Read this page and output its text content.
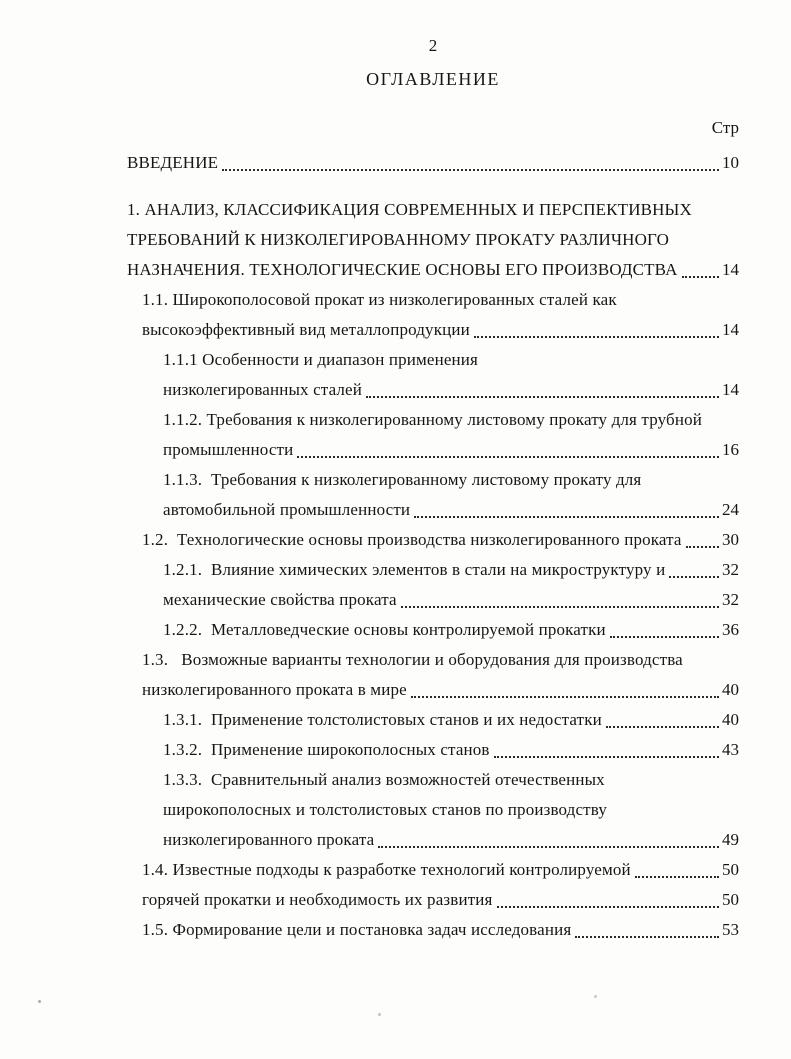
2
ОГЛАВЛЕНИЕ
Стр
ВВЕДЕНИЕ	10
1. АНАЛИЗ, КЛАССИФИКАЦИЯ СОВРЕМЕННЫХ И ПЕРСПЕКТИВНЫХ
ТРЕБОВАНИЙ К НИЗКОЛЕГИРОВАННОМУ ПРОКАТУ РАЗЛИЧНОГО
НАЗНАЧЕНИЯ. ТЕХНОЛОГИЧЕСКИЕ ОСНОВЫ ЕГО ПРОИЗВОДСТВА	14
1.1. Широкополосовой прокат из низколегированных сталей как
высокоэффективный вид металлопродукции	14
1.1.1 Особенности и диапазон применения
низколегированных сталей	14
1.1.2. Требования к низколегированному листовому прокату для трубной
промышленности	16
1.1.3.  Требования к низколегированному листовому прокату для
автомобильной промышленности	24
1.2.  Технологические основы производства низколегированного проката 30
1.2.1.  Влияние химических элементов в стали на микроструктуру и	32
механические свойства проката	32
1.2.2.  Металловедческие основы контролируемой прокатки	36
1.3.   Возможные варианты технологии и оборудования для производства
низколегированного проката в мире	40
1.3.1.  Применение толстолистовых станов и их недостатки	40
1.3.2.  Применение широкополосных станов	43
1.3.3.  Сравнительный анализ возможностей отечественных
широкополосных и толстолистовых станов по производству
низколегированного проката	49
1.4. Известные подходы к разработке технологий контролируемой	50
горячей прокатки и необходимость их развития	50
1.5. Формирование цели и постановка задач исследования	53
